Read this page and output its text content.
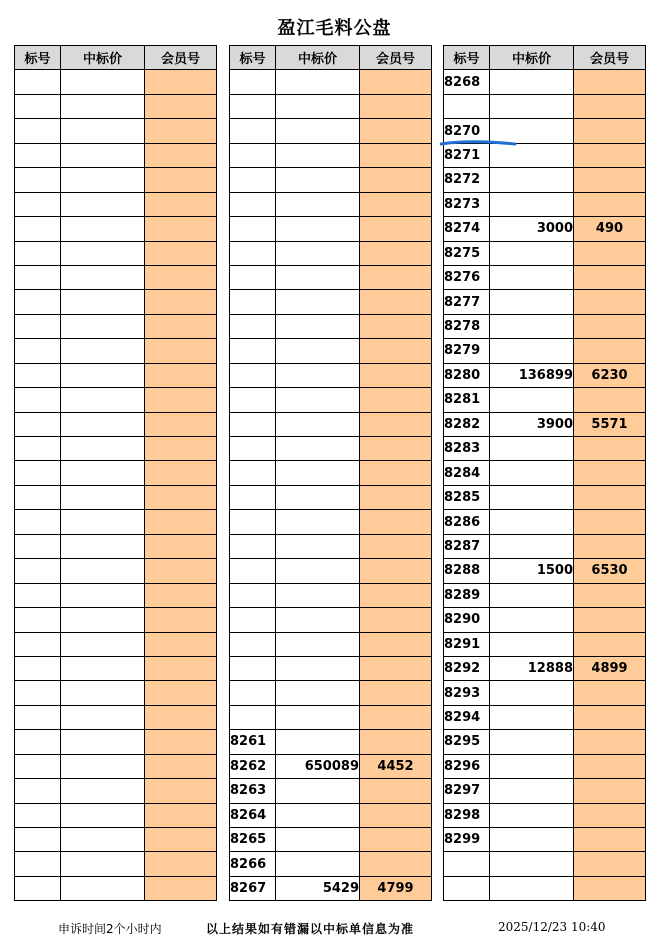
盈江毛料公盘
标号	中标价	会员号

			标号	中标价	会员号

8261		
8262	650089	4452
8263		
8264		
8265		
8266		
8267	5429	4799
标号	中标价	会员号
8268		

8270		
8271		
8272		
8273		
8274	3000	490
8275		
8276		
8277		
8278		
8279		
8280	136899	6230
8281		
8282	3900	5571
8283		
8284		
8285		
8286		
8287		
8288	1500	6530
8289		
8290		
8291		
8292	12888	4899
8293		
8294		
8295		
8296		
8297		
8298		
8299		

申诉时间2个小时内	以上结果如有错漏以中标单信息为准	2025/12/23 10:40
